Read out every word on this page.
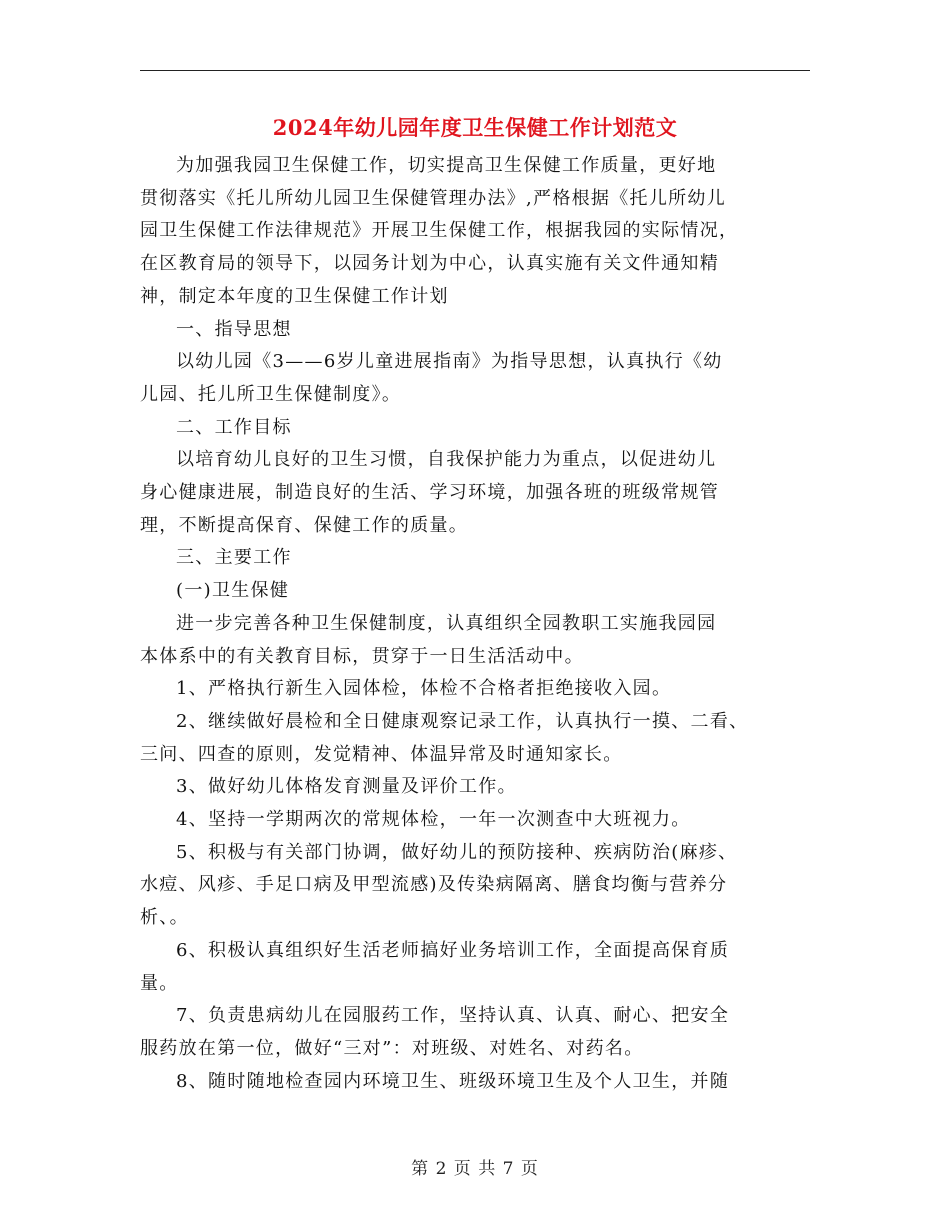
2024年幼儿园年度卫生保健工作计划范文
为加强我园卫生保健工作，切实提高卫生保健工作质量，更好地
贯彻落实《托儿所幼儿园卫生保健管理办法》,严格根据《托儿所幼儿
园卫生保健工作法律规范》开展卫生保健工作，根据我园的实际情况，
在区教育局的领导下，以园务计划为中心，认真实施有关文件通知精
神，制定本年度的卫生保健工作计划
一、指导思想
以幼儿园《3——6岁儿童进展指南》为指导思想，认真执行《幼
儿园、托儿所卫生保健制度》。
二、工作目标
以培育幼儿良好的卫生习惯，自我保护能力为重点，以促进幼儿
身心健康进展，制造良好的生活、学习环境，加强各班的班级常规管
理，不断提高保育、保健工作的质量。
三、主要工作
(一)卫生保健
进一步完善各种卫生保健制度，认真组织全园教职工实施我园园
本体系中的有关教育目标，贯穿于一日生活活动中。
1、严格执行新生入园体检，体检不合格者拒绝接收入园。
2、继续做好晨检和全日健康观察记录工作，认真执行一摸、二看、
三问、四查的原则，发觉精神、体温异常及时通知家长。
3、做好幼儿体格发育测量及评价工作。
4、坚持一学期两次的常规体检，一年一次测查中大班视力。
5、积极与有关部门协调，做好幼儿的预防接种、疾病防治(麻疹、
水痘、风疹、手足口病及甲型流感)及传染病隔离、膳食均衡与营养分
析、。
6、积极认真组织好生活老师搞好业务培训工作，全面提高保育质
量。
7、负责患病幼儿在园服药工作，坚持认真、认真、耐心、把安全
服药放在第一位，做好“三对”：对班级、对姓名、对药名。
8、随时随地检查园内环境卫生、班级环境卫生及个人卫生，并随
第 2 页 共 7 页
